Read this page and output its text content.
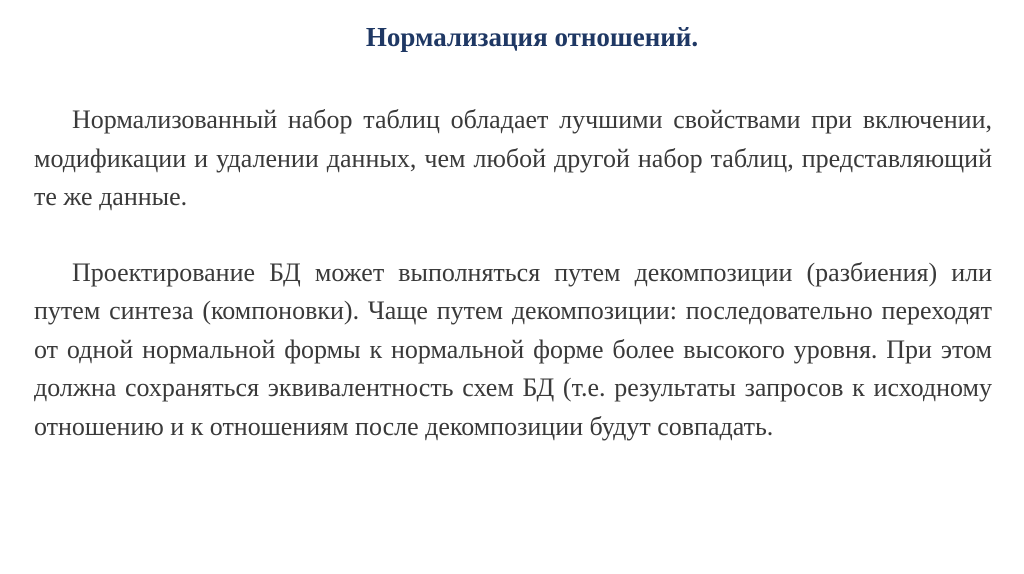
Нормализация отношений.

Нормализованный набор таблиц обладает лучшими свойствами при включении, модификации и удалении данных, чем любой другой набор таблиц, представляющий те же данные.

Проектирование БД может выполняться путем декомпозиции (разбиения) или путем синтеза (компоновки). Чаще путем декомпозиции: последовательно переходят от одной нормальной формы к нормальной форме более высокого уровня. При этом должна сохраняться эквивалентность схем БД (т.е. результаты запросов к исходному отношению и к отношениям после декомпозиции будут совпадать.
